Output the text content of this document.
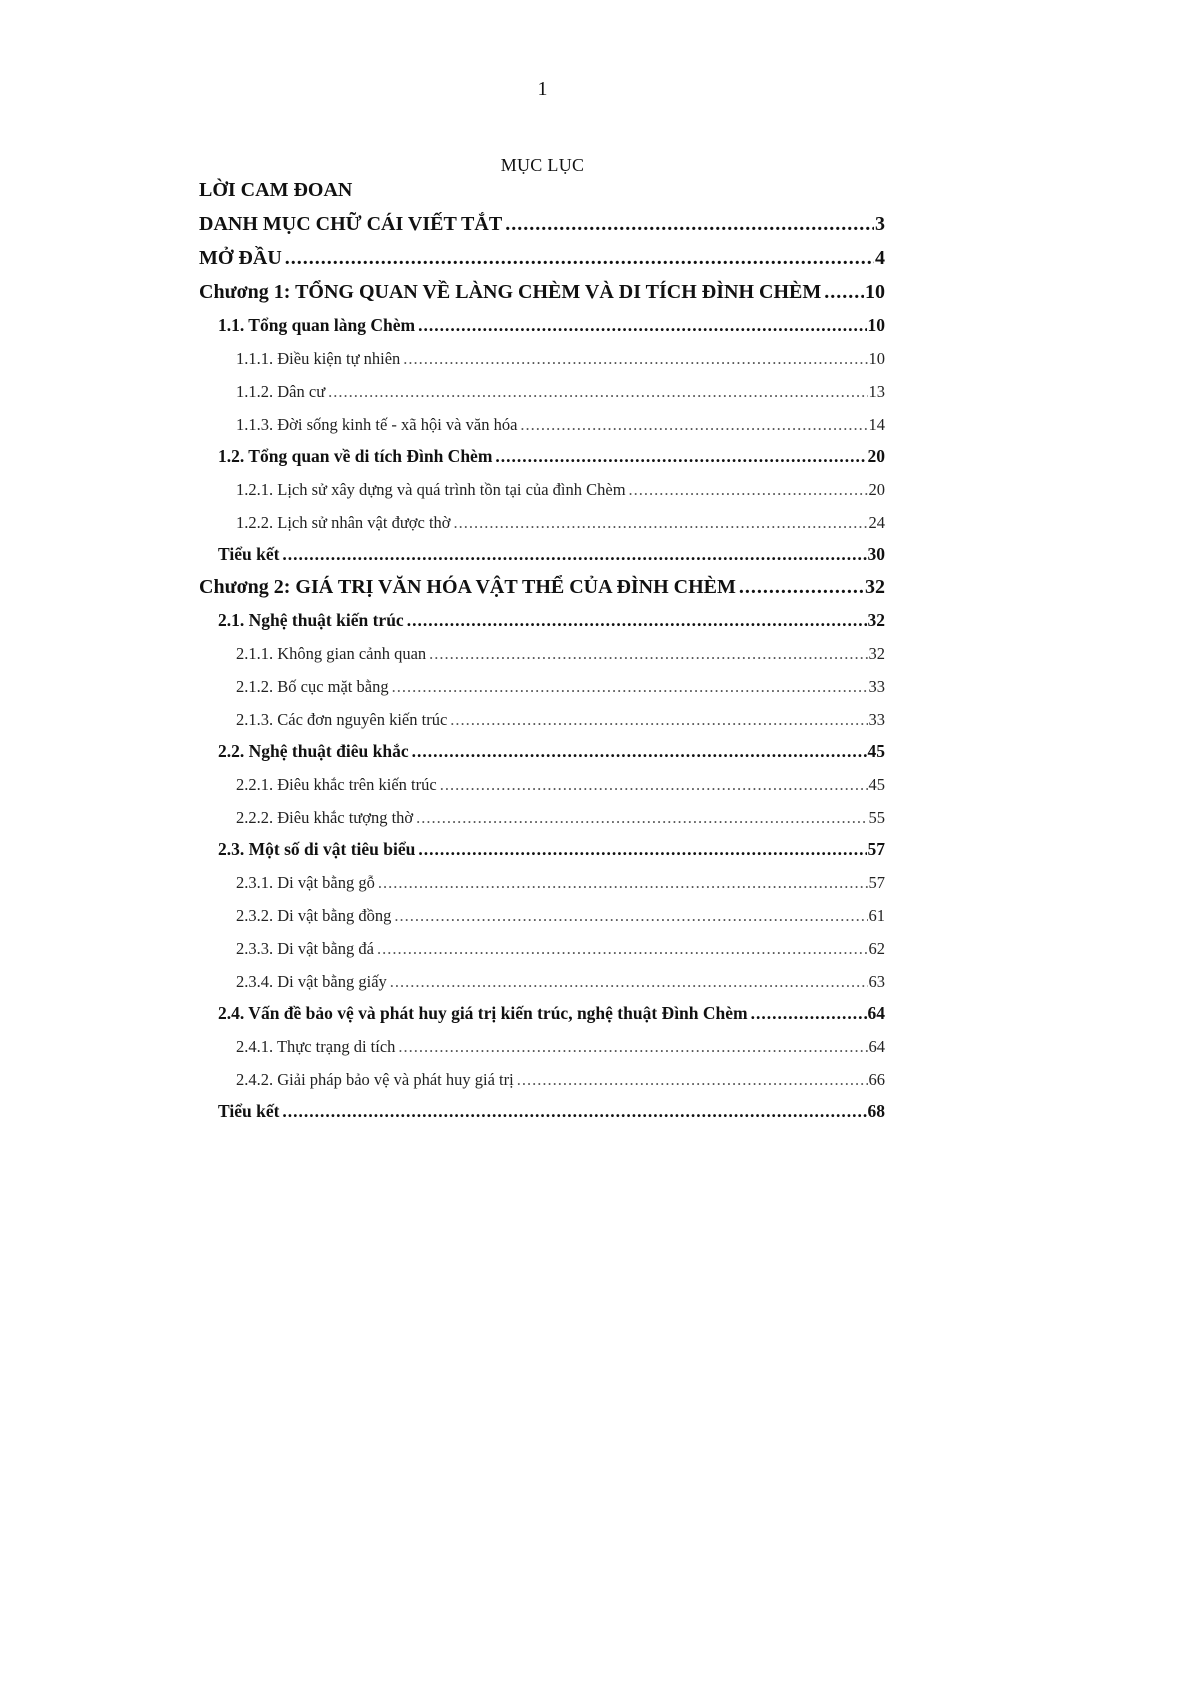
1
MỤC LỤC
LỜI CAM ĐOAN
DANH MỤC CHỮ CÁI VIẾT TẮT .....	3
MỞ ĐẦU .....	4
Chương 1: TỔNG QUAN VỀ LÀNG CHÈM VÀ DI TÍCH ĐÌNH CHÈM ..... 10
1.1. Tổng quan làng Chèm .....	10
1.1.1. Điều kiện tự nhiên .....	10
1.1.2. Dân cư .....	13
1.1.3. Đời sống kinh tế - xã hội và văn hóa .....	14
1.2. Tổng quan về di tích Đình Chèm .....	20
1.2.1. Lịch sử xây dựng và quá trình tồn tại của đình Chèm .....	20
1.2.2. Lịch sử nhân vật được thờ .....	24
Tiểu kết .....	30
Chương 2: GIÁ TRỊ VĂN HÓA VẬT THỂ CỦA ĐÌNH CHÈM .....	32
2.1. Nghệ thuật kiến trúc .....	32
2.1.1. Không gian cảnh quan .....	32
2.1.2. Bố cục mặt bằng .....	33
2.1.3. Các đơn nguyên kiến trúc .....	33
2.2. Nghệ thuật điêu khắc .....	45
2.2.1. Điêu khắc trên kiến trúc .....	45
2.2.2. Điêu khắc tượng thờ .....	55
2.3. Một số di vật tiêu biểu .....	57
2.3.1. Di vật bằng gỗ .....	57
2.3.2. Di vật bằng đồng .....	61
2.3.3. Di vật bằng đá .....	62
2.3.4. Di vật bằng giấy .....	63
2.4. Vấn đề bảo vệ và phát huy giá trị kiến trúc, nghệ thuật Đình Chèm .....	64
2.4.1. Thực trạng di tích .....	64
2.4.2. Giải pháp bảo vệ và phát huy giá trị .....	66
Tiểu kết .....	68
